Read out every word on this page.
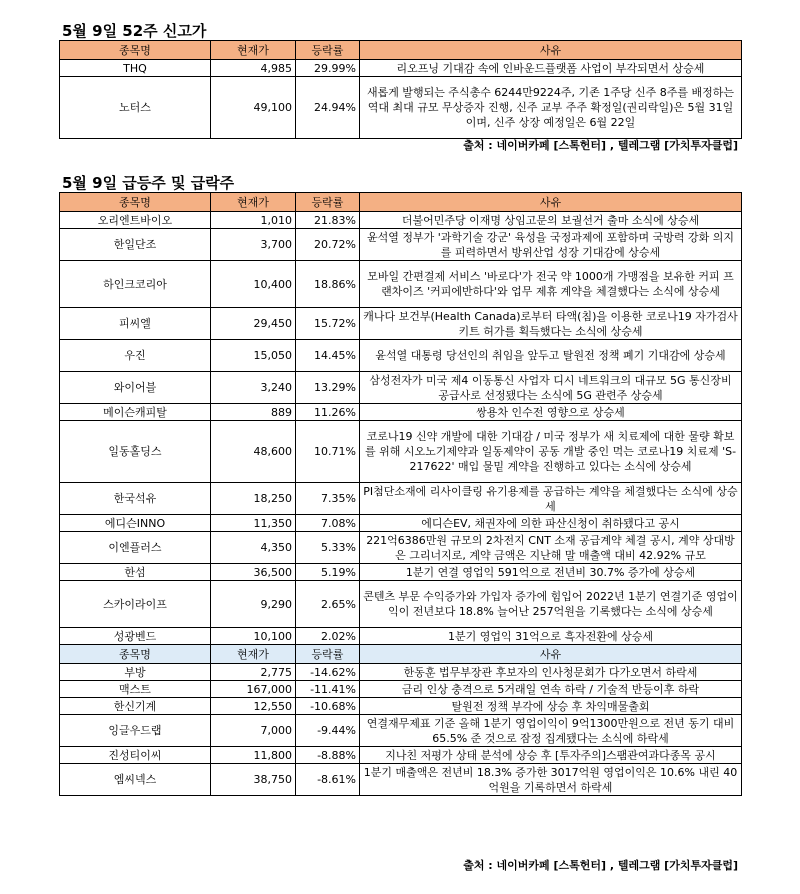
5월 9일 52주 신고가
종목명	현재가	등락률	사유
THQ	4,985	29.99%	리오프닝 기대감 속에 인바운드플랫폼 사업이 부각되면서 상승세
노터스	49,100	24.94%	새롭게 발행되는 주식총수 6244만9224주, 기존 1주당 신주 8주를 배정하는 역대 최대 규모 무상증자 진행, 신주 교부 주주 확정일(권리락일)은 5월 31일이며, 신주 상장 예정일은 6월 22일
출처 : 네이버카페 [스톡헌터] , 텔레그램 [가치투자클럽]
5월 9일 급등주 및 급락주
종목명	현재가	등락률	사유
오리엔트바이오	1,010	21.83%	더불어민주당 이재명 상임고문의 보궐선거 출마 소식에 상승세
한일단조	3,700	20.72%	윤석열 정부가 '과학기술 강군' 육성을 국정과제에 포함하며 국방력 강화 의지를 피력하면서 방위산업 성장 기대감에 상승세
하인크코리아	10,400	18.86%	모바일 간편결제 서비스 '바로다'가 전국 약 1000개 가맹점을 보유한 커피 프랜차이즈 '커피에반하다'와 업무 제휴 계약을 체결했다는 소식에 상승세
피씨엘	29,450	15.72%	캐나다 보건부(Health Canada)로부터 타액(침)을 이용한 코로나19 자가검사키트 허가를 획득했다는 소식에 상승세
우진	15,050	14.45%	윤석열 대통령 당선인의 취임을 앞두고 탈원전 정책 폐기 기대감에 상승세
와이어블	3,240	13.29%	삼성전자가 미국 제4 이동통신 사업자 디시 네트워크의 대규모 5G 통신장비 공급사로 선정됐다는 소식에 5G 관련주 상승세
메이슨캐피탈	889	11.26%	쌍용차 인수전 영향으로 상승세
일동홀딩스	48,600	10.71%	코로나19 신약 개발에 대한 기대감 / 미국 정부가 새 치료제에 대한 물량 확보를 위해 시오노기제약과 일동제약이 공동 개발 중인 먹는 코로나19 치료제 'S-217622' 매입 물밑 계약을 진행하고 있다는 소식에 상승세
한국석유	18,250	7.35%	PI첨단소재에 리사이클링 유기용제를 공급하는 계약을 체결했다는 소식에 상승세
에디슨INNO	11,350	7.08%	에디슨EV, 채권자에 의한 파산신청이 취하됐다고 공시
이엔플러스	4,350	5.33%	221억6386만원 규모의 2차전지 CNT 소재 공급계약 체결 공시, 계약 상대방은 그리너지로, 계약 금액은 지난해 말 매출액 대비 42.92% 규모
한섬	36,500	5.19%	1분기 연결 영업익 591억으로 전년비 30.7% 증가에 상승세
스카이라이프	9,290	2.65%	콘텐츠 부문 수익증가와 가입자 증가에 힘입어 2022년 1분기 연결기준 영업이익이 전년보다 18.8% 늘어난 257억원을 기록했다는 소식에 상승세
성광벤드	10,100	2.02%	1분기 영업익 31억으로 흑자전환에 상승세
종목명	현재가	등락률	사유
부방	2,775	-14.62%	한동훈 법무부장관 후보자의 인사청문회가 다가오면서 하락세
맥스트	167,000	-11.41%	금리 인상 충격으로 5거래일 연속 하락 / 기술적 반등이후 하락
한신기계	12,550	-10.68%	탈원전 정책 부각에 상승 후 차익매물출회
잉글우드랩	7,000	-9.44%	연결재무제표 기준 올해 1분기 영업이익이 9억1300만원으로 전년 동기 대비 65.5% 준 것으로 잠정 집계됐다는 소식에 하락세
진성티이씨	11,800	-8.88%	지나친 저평가 상태 분석에 상승 후 [투자주의]스팸관여과다종목 공시
엠씨넥스	38,750	-8.61%	1분기 매출액은 전년비 18.3% 증가한 3017억원 영업이익은 10.6% 내린 40억원을 기록하면서 하락세
출처 : 네이버카페 [스톡헌터] , 텔레그램 [가치투자클럽]
